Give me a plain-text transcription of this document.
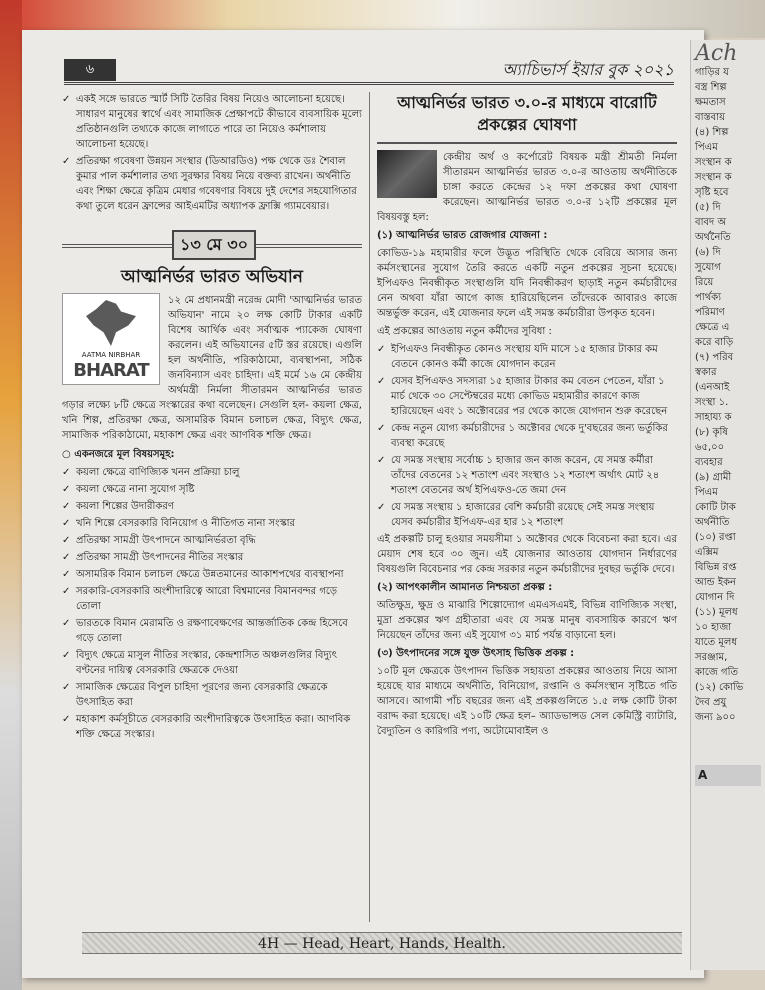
৬	অ্যাচিভার্স ইয়ার বুক ২০২১
✓ একই সঙ্গে ভারতে স্মার্ট সিটি তৈরির বিষয় নিয়েও আলোচনা হয়েছে। সাধারণ মানুষের স্বার্থে এবং সামাজিক প্রেক্ষাপটে কীভাবে ব্যবসায়িক মূল্যে প্রতিষ্ঠানগুলি তথ্যকে কাজে লাগাতে পারে তা নিয়েও কর্মশালায় আলোচনা হয়েছে।
✓ প্রতিরক্ষা গবেষণা উন্নয়ন সংস্থার (ডিআরডিও) পক্ষ থেকে ডঃ শৈবাল কুমার পাল কর্মশালার তথ্য সুরক্ষার বিষয় নিয়ে বক্তব্য রাখেন। অর্থনীতি এবং শিক্ষা ক্ষেত্রে কৃত্রিম মেধার গবেষণার বিষয়ে দুই দেশের সহযোগিতার কথা তুলে ধরেন ফ্রান্সের আইএমটির অধ্যাপক ফ্রাক্সি গ্যামবেয়ার।
১৩ মে ৩০
আত্মনির্ভর ভারত অভিযান
AATMA NIRBHAR
BHARAT
১২ মে প্রধানমন্ত্রী নরেন্দ্র মোদী 'আত্মনির্ভর ভারত অভিযান' নামে ২০ লক্ষ কোটি টাকার একটি বিশেষ আর্থিক এবং সর্বাত্মক প্যাকেজ ঘোষণা করলেন। এই অভিযানের ৫টি স্তর রয়েছে। এগুলি হল অর্থনীতি, পরিকাঠামো, ব্যবস্থাপনা, সঠিক জনবিন্যাস এবং চাহিদা। এই মর্মে ১৬ মে কেন্দ্রীয় অর্থমন্ত্রী নির্মলা সীতারমন আত্মনির্ভর ভারত গড়ার লক্ষ্যে ৮টি ক্ষেত্রে সংস্কারের কথা বলেছেন। সেগুলি হল- কয়লা ক্ষেত্র, খনি শিল্প, প্রতিরক্ষা ক্ষেত্র, অসামরিক বিমান চলাচল ক্ষেত্র, বিদ্যুৎ ক্ষেত্র, সামাজিক পরিকাঠামো, মহাকাশ ক্ষেত্র এবং আণবিক শক্তি ক্ষেত্র।
○ একনজরে মূল বিষয়সমূহ:
✓ কয়লা ক্ষেত্রে বাণিজ্যিক খনন প্রক্রিয়া চালু
✓ কয়লা ক্ষেত্রে নানা সুযোগ সৃষ্টি
✓ কয়লা শিল্পের উদারীকরণ
✓ খনি শিল্পে বেসরকারি বিনিয়োগ ও নীতিগত নানা সংস্কার
✓ প্রতিরক্ষা সামগ্রী উৎপাদনে আত্মনির্ভরতা বৃদ্ধি
✓ প্রতিরক্ষা সামগ্রী উৎপাদনের নীতির সংস্কার
✓ অসামরিক বিমান চলাচল ক্ষেত্রে উন্নতমানের আকাশপথের ব্যবস্থাপনা
✓ সরকারি-বেসরকারি অংশীদারিত্বে আরো বিশ্বমানের বিমানবন্দর গড়ে তোলা
✓ ভারতকে বিমান মেরামতি ও রক্ষণাবেক্ষণের আন্তর্জাতিক কেন্দ্র হিসেবে গড়ে তোলা
✓ বিদ্যুৎ ক্ষেত্রে মাসুল নীতির সংস্কার, কেন্দ্রশাসিত অঞ্চলগুলির বিদ্যুৎ বণ্টনের দায়িত্ব বেসরকারি ক্ষেত্রকে দেওয়া
✓ সামাজিক ক্ষেত্রের বিপুল চাহিদা পূরণের জন্য বেসরকারি ক্ষেত্রকে উৎসাহিত করা
✓ মহাকাশ কর্মসূচীতে বেসরকারি অংশীদারিত্বকে উৎসাহিত করা। আণবিক শক্তি ক্ষেত্রে সংস্কার।
আত্মনির্ভর ভারত ৩.০-র মাধ্যমে বারোটি প্রকল্পের ঘোষণা
কেন্দ্রীয় অর্থ ও কর্পোরেট বিষয়ক মন্ত্রী শ্রীমতী নির্মলা সীতারমন আত্মনির্ভর ভারত ৩.০-র আওতায় অর্থনীতিকে চাঙ্গা করতে কেন্দ্রের ১২ দফা প্রকল্পের কথা ঘোষণা করেছেন। আত্মনির্ভর ভারত ৩.০-র ১২টি প্রকল্পের মূল বিষয়বস্তু হল:
(১) আত্মনির্ভর ভারত রোজগার যোজনা :
কোভিড-১৯ মহামারীর ফলে উদ্ভূত পরিস্থিতি থেকে বেরিয়ে আসার জন্য কর্মসংস্থানের সুযোগ তৈরি করতে একটি নতুন প্রকল্পের সূচনা হয়েছে। ইপিএফও নিবন্ধীকৃত সংস্থাগুলি যদি নিবন্ধীকরণ ছাড়াই নতুন কর্মচারীদের নেন অথবা যাঁরা আগে কাজ হারিয়েছিলেন তাঁদেরকে আবারও কাজে অন্তর্ভুক্ত করেন, এই যোজনার ফলে এই সমস্ত কর্মচারীরা উপকৃত হবেন।
এই প্রকল্পের আওতায় নতুন কর্মীদের সুবিধা :
✓ ইপিএফও নিবন্ধীকৃত কোনও সংস্থায় যদি মাসে ১৫ হাজার টাকার কম বেতনে কোনও কর্মী কাজে যোগদান করেন
✓ যেসব ইপিএফও সদস্যরা ১৫ হাজার টাকার কম বেতন পেতেন, যাঁরা ১ মার্চ থেকে ৩০ সেপ্টেম্বরের মধ্যে কোভিড মহামারীর কারণে কাজ হারিয়েছেন এবং ১ অক্টোবরের পর থেকে কাজে যোগদান শুরু করেছেন
✓ কেন্দ্র নতুন যোগ্য কর্মচারীদের ১ অক্টোবর থেকে দু'বছরের জন্য ভর্তুকির ব্যবস্থা করেছে
✓ যে সমস্ত সংস্থায় সর্বোচ্চ ১ হাজার জন কাজ করেন, যে সমস্ত কর্মীরা তাঁদের বেতনের ১২ শতাংশ এবং সংস্থাও ১২ শতাংশ অর্থাৎ মোট ২৪ শতাংশ বেতনের অর্থ ইপিএফও-তে জমা দেন
✓ যে সমস্ত সংস্থায় ১ হাজারের বেশি কর্মচারী রয়েছে সেই সমস্ত সংস্থায় যেসব কর্মচারীর ইপিএফ-এর হার ১২ শতাংশ
এই প্রকল্পটি চালু হওয়ার সময়সীমা ১ অক্টোবর থেকে বিবেচনা করা হবে। এর মেয়াদ শেষ হবে ৩০ জুন। এই যোজনার আওতায় যোগদান নির্ধারণের বিষয়গুলি বিবেচনার পর কেন্দ্র সরকার নতুন কর্মচারীদের দুবছর ভর্তুকি দেবে।
(২) আপৎকালীন আমানত নিশ্চয়তা প্রকল্প :
অতিক্ষুদ্র, ক্ষুদ্র ও মাঝারি শিল্পোদ্যোগ এমএসএমই, বিভিন্ন বাণিজ্যিক সংস্থা, মুদ্রা প্রকল্পের ঋণ গ্রহীতারা এবং যে সমস্ত মানুষ ব্যবসায়িক কারণে ঋণ নিয়েছেন তাঁদের জন্য এই সুযোগ ৩১ মার্চ পর্যন্ত বাড়ানো হল।
(৩) উৎপাদনের সঙ্গে যুক্ত উৎসাহ ভিত্তিক প্রকল্প :
১০টি মূল ক্ষেত্রকে উৎপাদন ভিত্তিক সহায়তা প্রকল্পের আওতায় নিয়ে আসা হয়েছে যার মাধ্যমে অর্থনীতি, বিনিয়োগ, রপ্তানি ও কর্মসংস্থান সৃষ্টিতে গতি আসবে। আগামী পাঁচ বছরের জন্য এই প্রকল্পগুলিতে ১.৫ লক্ষ কোটি টাকা বরাদ্দ করা হয়েছে। এই ১০টি ক্ষেত্র হল– অ্যাডভান্সড সেল কেমিস্ট্রি ব্যাটারি, বৈদ্যুতিন ও কারিগরি পণ্য, অটোমোবাইল ও
4H — Head, Heart, Hands, Health.
Ach
গাড়ির য
বস্ত্র শিল্প
ক্ষমতাস
বাস্তবায়
(৪) শিল্প
পিএম
সংস্থান ক
সংস্থান ক
সৃষ্টি হবে
(৫) দি
বাবদ অ
অর্থনৈতি
(৬) দি
সুযোগ
রিয়ে
পার্থক্য
পরিমাণ
ক্ষেত্রে এ
করে বাড়ি
(৭) পরিব
স্বকার
(এনআই
সংস্থা ১.
সাহায্য ক
(৮) কৃষি
৬৫,০০
ব্যবহার
(৯) গ্রামী
পিএম
কোটি টাক
অর্থনীতি
(১০) রপ্তা
এক্সিম
বিভিন্ন রপ্ত
আন্ড ইকন
যোগান দি
(১১) মূলধ
১০ হাজা
যাতে মূলধ
সরঞ্জাম,
কাজে গতি
(১২) কোভি
দৈব প্রযু
জন্য ৯০০
A
